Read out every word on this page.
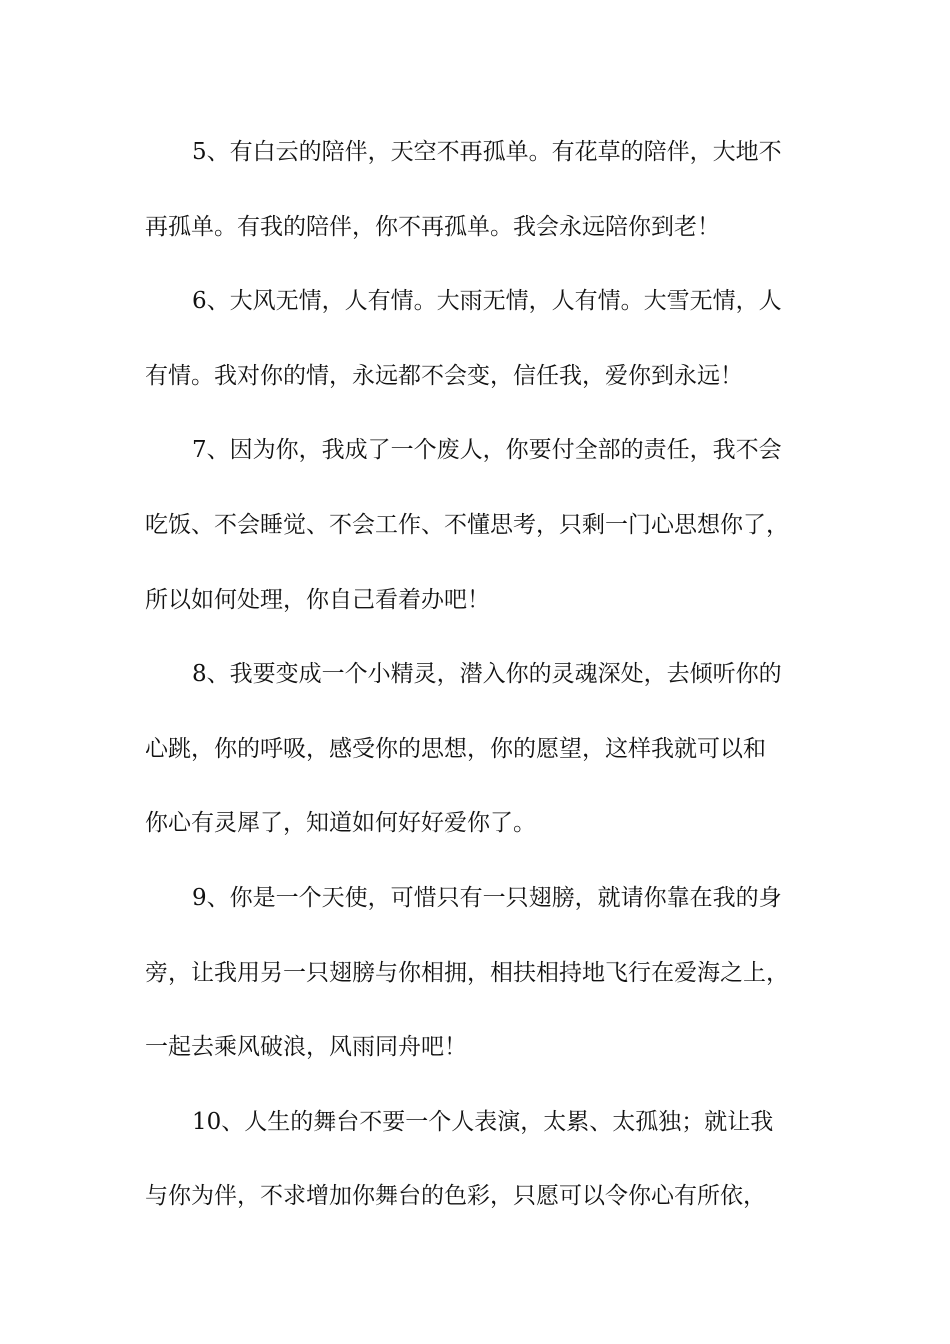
5、有白云的陪伴，天空不再孤单。有花草的陪伴，大地不
再孤单。有我的陪伴，你不再孤单。我会永远陪你到老！
6、大风无情，人有情。大雨无情，人有情。大雪无情，人
有情。我对你的情，永远都不会变，信任我，爱你到永远！
7、因为你，我成了一个废人，你要付全部的责任，我不会
吃饭、不会睡觉、不会工作、不懂思考，只剩一门心思想你了，
所以如何处理，你自己看着办吧！
8、我要变成一个小精灵，潜入你的灵魂深处，去倾听你的
心跳，你的呼吸，感受你的思想，你的愿望，这样我就可以和
你心有灵犀了，知道如何好好爱你了。
9、你是一个天使，可惜只有一只翅膀，就请你靠在我的身
旁，让我用另一只翅膀与你相拥，相扶相持地飞行在爱海之上，
一起去乘风破浪，风雨同舟吧！
10、人生的舞台不要一个人表演，太累、太孤独；就让我
与你为伴，不求增加你舞台的色彩，只愿可以令你心有所依，
